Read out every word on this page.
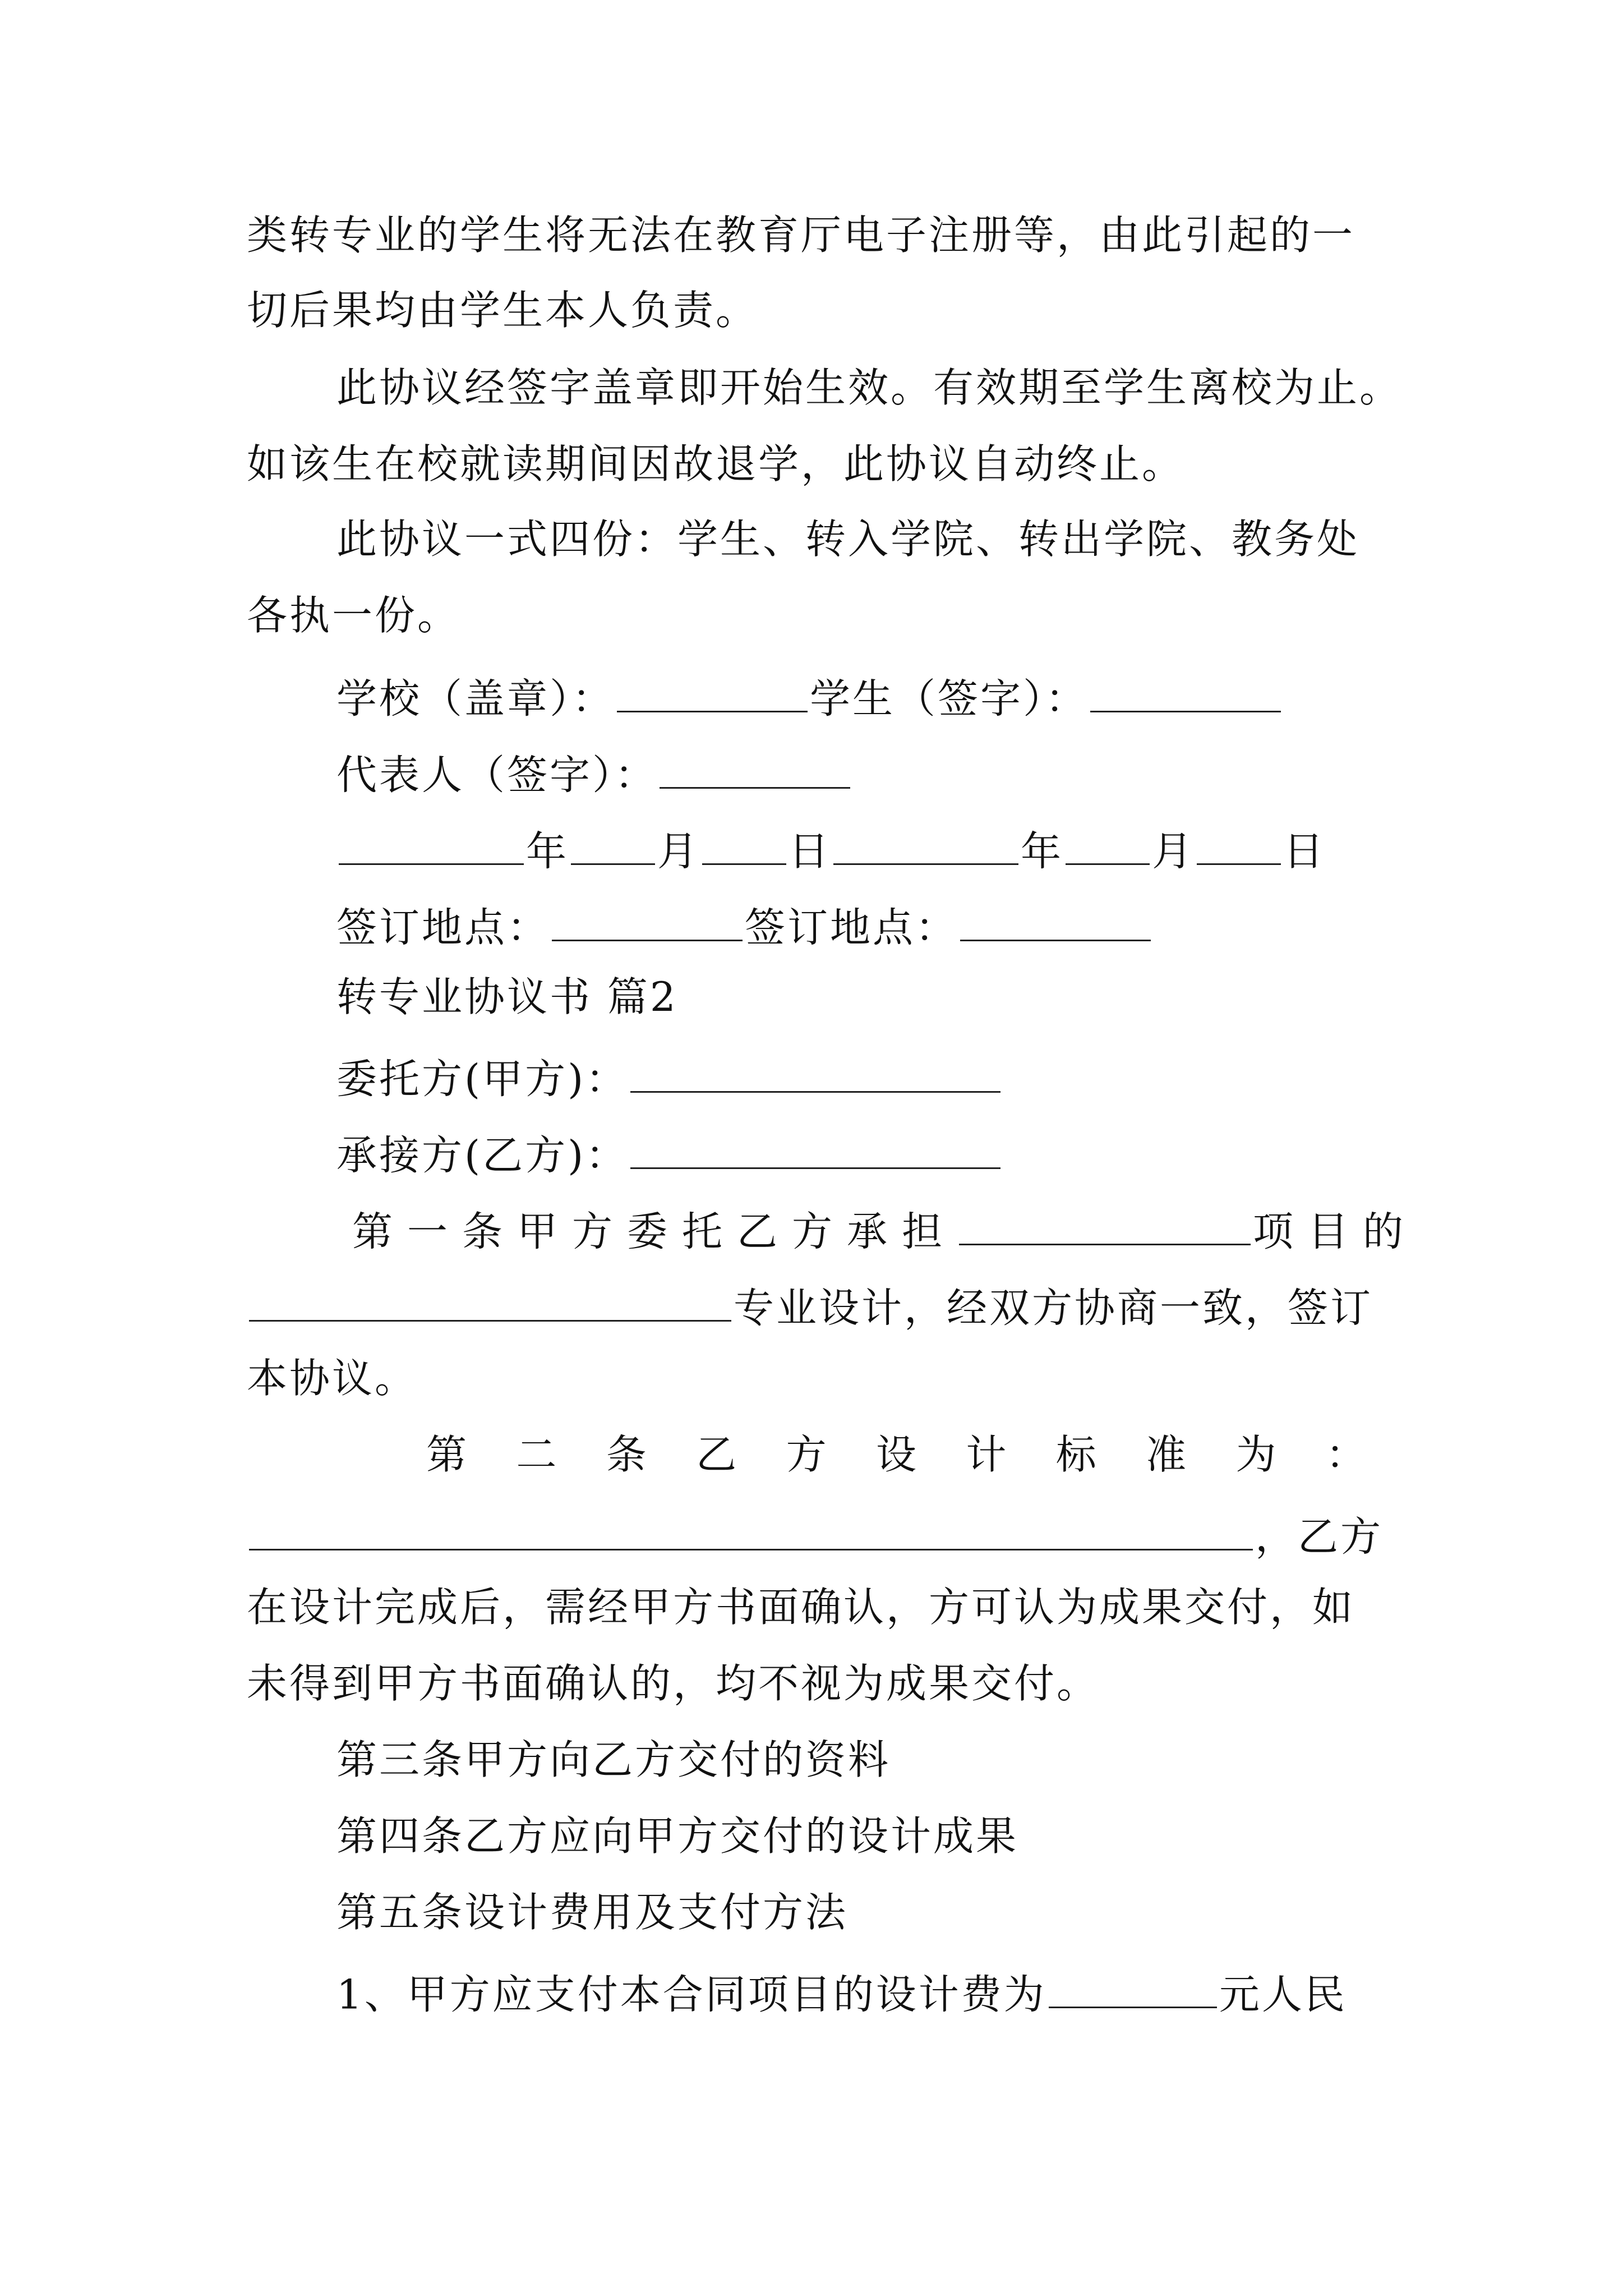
类转专业的学生将无法在教育厅电子注册等，由此引起的一
切后果均由学生本人负责。
此协议经签字盖章即开始生效。有效期至学生离校为止。
如该生在校就读期间因故退学，此协议自动终止。
此协议一式四份：学生、转入学院、转出学院、教务处
各执一份。
学校（盖章）：	学生（签字）：
代表人（签字）：
年 月 日	年 月 日
签订地点：	签订地点：
转专业协议书 篇2
委托方(甲方)：
承接方(乙方)：
第一条甲方委托乙方承担	项目的
专业设计，经双方协商一致，签订
本协议。
第 二 条 乙 方 设 计 标 准 为 ：
，乙方
在设计完成后，需经甲方书面确认，方可认为成果交付，如
未得到甲方书面确认的，均不视为成果交付。
第三条甲方向乙方交付的资料
第四条乙方应向甲方交付的设计成果
第五条设计费用及支付方法
1、甲方应支付本合同项目的设计费为	元人民
